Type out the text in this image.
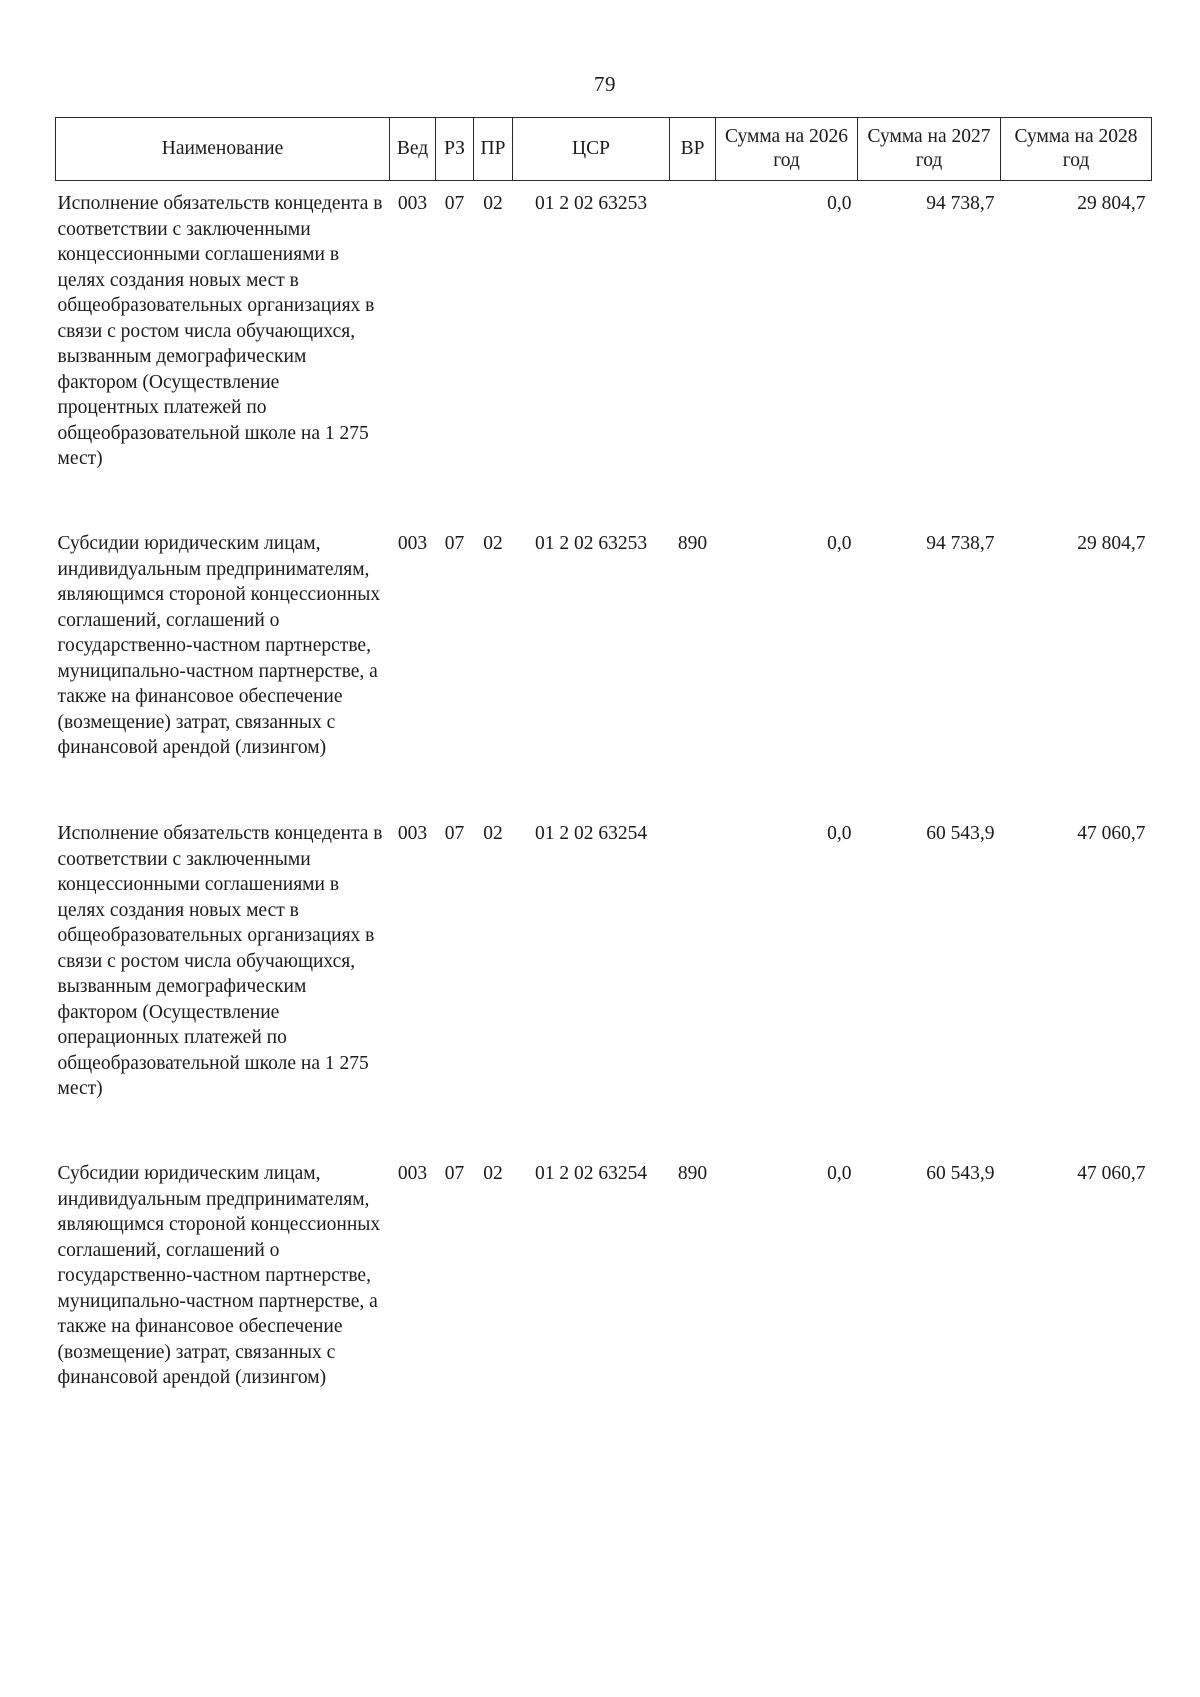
79
Наименование	Вед	РЗ	ПР	ЦСР	ВР	Сумма на 2026 год	Сумма на 2027 год	Сумма на 2028 год
Исполнение обязательств концедента в соответствии с заключенными концессионными соглашениями в целях создания новых мест в общеобразовательных организациях в связи с ростом числа обучающихся, вызванным демографическим фактором (Осуществление процентных платежей по общеобразовательной школе на 1 275 мест)	003	07	02	01 2 02 63253		0,0	94 738,7	29 804,7
Субсидии юридическим лицам, индивидуальным предпринимателям, являющимся стороной концессионных соглашений, соглашений о государственно-частном партнерстве, муниципально-частном партнерстве, а также на финансовое обеспечение (возмещение) затрат, связанных с финансовой арендой (лизингом)	003	07	02	01 2 02 63253	890	0,0	94 738,7	29 804,7
Исполнение обязательств концедента в соответствии с заключенными концессионными соглашениями в целях создания новых мест в общеобразовательных организациях в связи с ростом числа обучающихся, вызванным демографическим фактором (Осуществление операционных платежей по общеобразовательной школе на 1 275 мест)	003	07	02	01 2 02 63254		0,0	60 543,9	47 060,7
Субсидии юридическим лицам, индивидуальным предпринимателям, являющимся стороной концессионных соглашений, соглашений о государственно-частном партнерстве, муниципально-частном партнерстве, а также на финансовое обеспечение (возмещение) затрат, связанных с финансовой арендой (лизингом)	003	07	02	01 2 02 63254	890	0,0	60 543,9	47 060,7
